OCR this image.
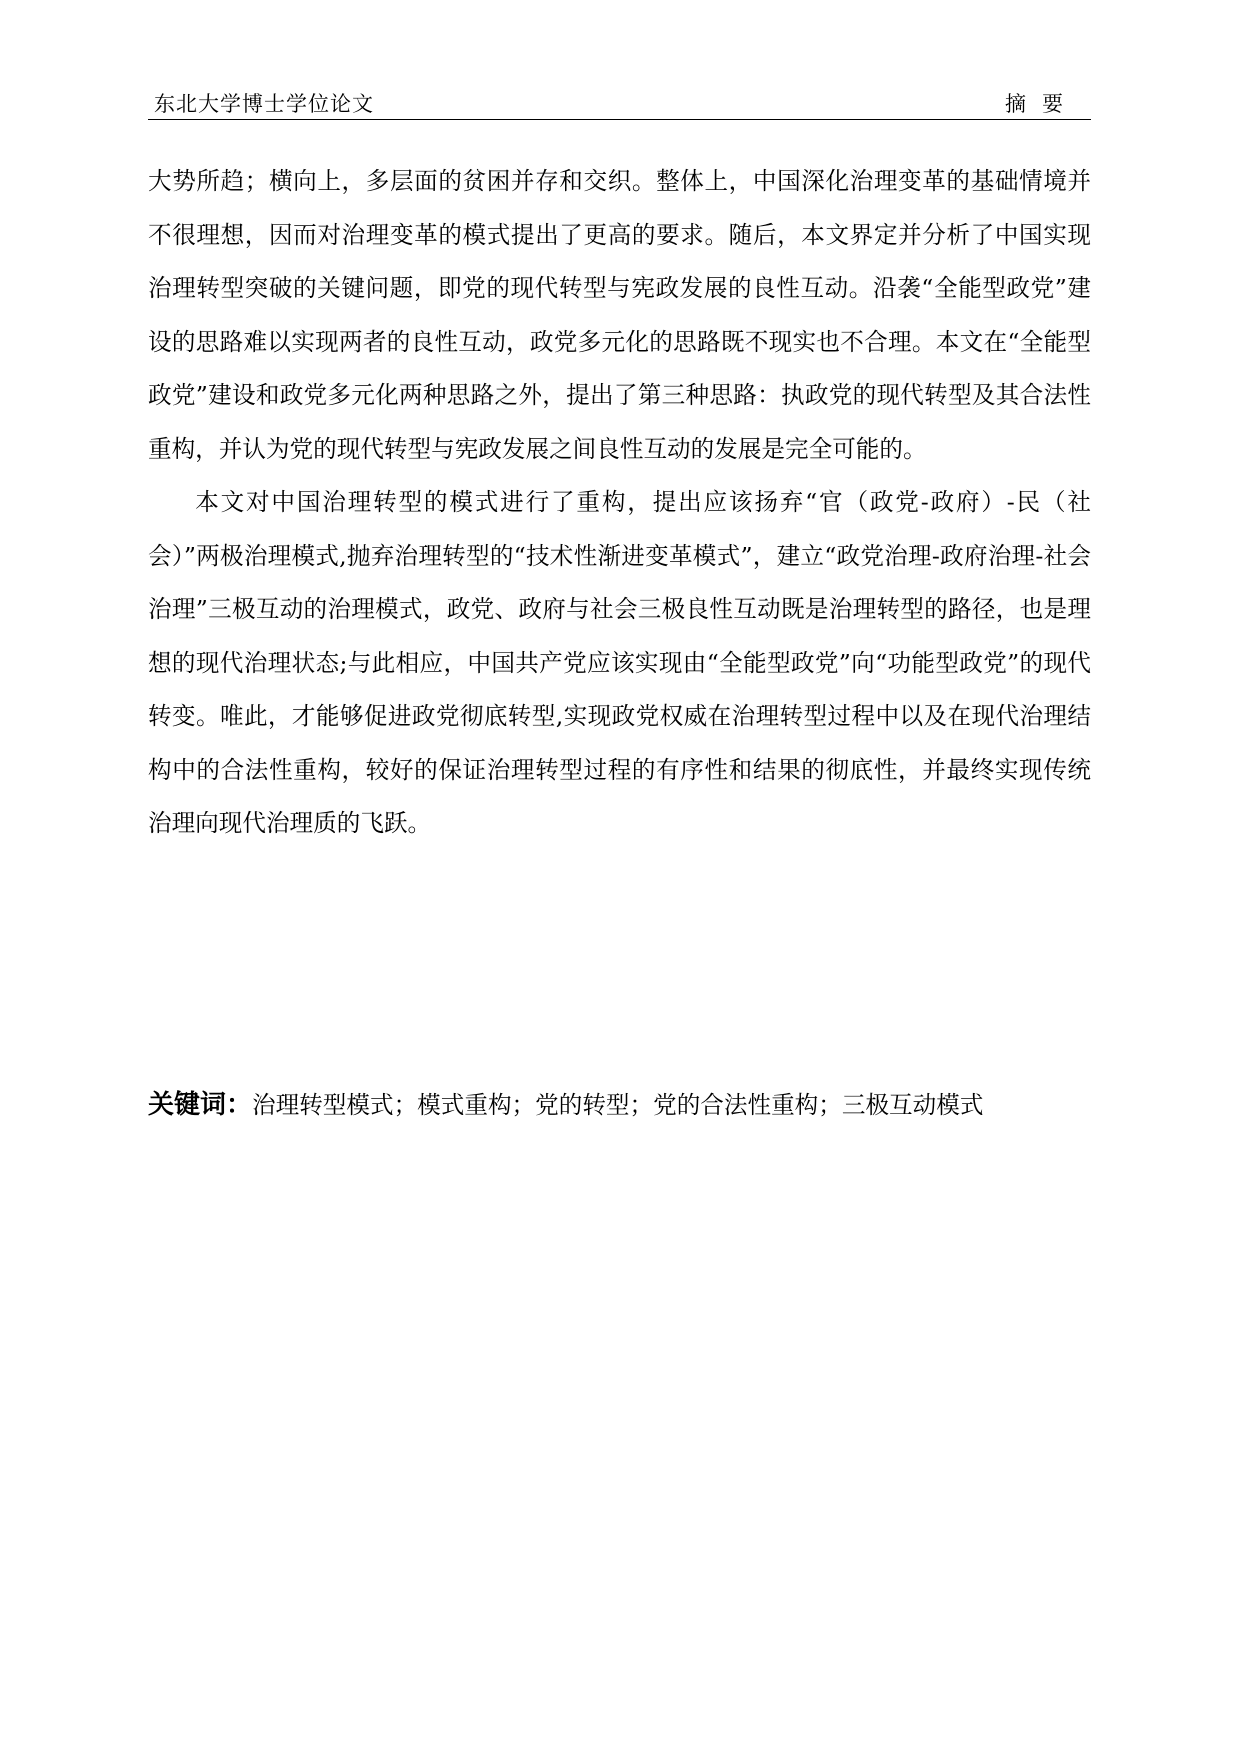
东北大学博士学位论文	摘要

大势所趋；横向上，多层面的贫困并存和交织。整体上，中国深化治理变革的基础情境并不很理想，因而对治理变革的模式提出了更高的要求。随后，本文界定并分析了中国实现治理转型突破的关键问题，即党的现代转型与宪政发展的良性互动。沿袭“全能型政党”建设的思路难以实现两者的良性互动，政党多元化的思路既不现实也不合理。本文在“全能型政党”建设和政党多元化两种思路之外，提出了第三种思路：执政党的现代转型及其合法性重构，并认为党的现代转型与宪政发展之间良性互动的发展是完全可能的。

本文对中国治理转型的模式进行了重构，提出应该扬弃“官（政党-政府）-民（社会）”两极治理模式,抛弃治理转型的“技术性渐进变革模式”，建立“政党治理-政府治理-社会治理”三极互动的治理模式，政党、政府与社会三极良性互动既是治理转型的路径，也是理想的现代治理状态;与此相应，中国共产党应该实现由“全能型政党”向“功能型政党”的现代转变。唯此，才能够促进政党彻底转型,实现政党权威在治理转型过程中以及在现代治理结构中的合法性重构，较好的保证治理转型过程的有序性和结果的彻底性，并最终实现传统治理向现代治理质的飞跃。

关键词：治理转型模式；模式重构；党的转型；党的合法性重构；三极互动模式
